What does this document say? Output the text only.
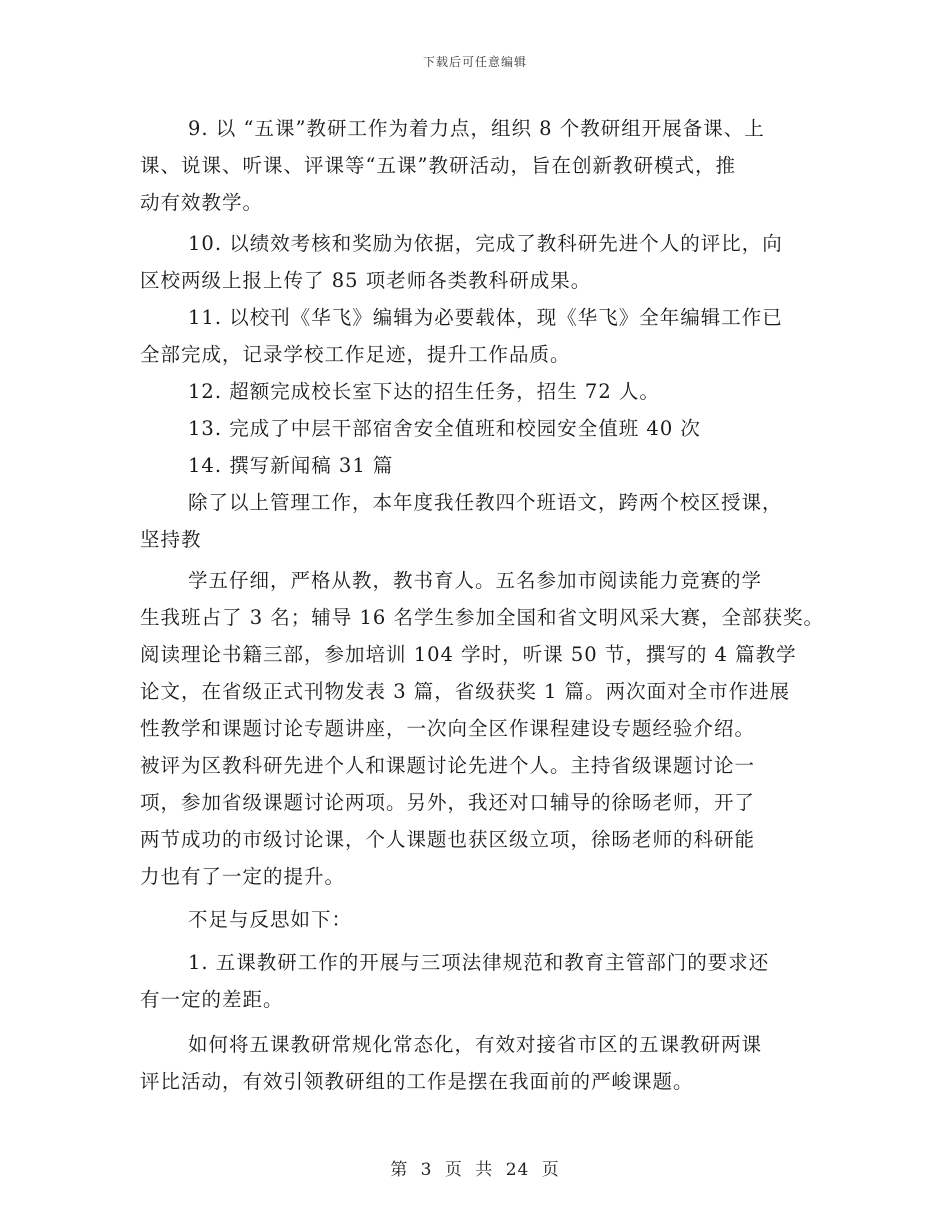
下载后可任意编辑
9. 以 “五课”教研工作为着力点，组织 8 个教研组开展备课、上
课、说课、听课、评课等“五课”教研活动，旨在创新教研模式，推
动有效教学。
10. 以绩效考核和奖励为依据，完成了教科研先进个人的评比，向
区校两级上报上传了 85 项老师各类教科研成果。
11. 以校刊《华飞》编辑为必要载体，现《华飞》全年编辑工作已
全部完成，记录学校工作足迹，提升工作品质。
12. 超额完成校长室下达的招生任务，招生 72 人。
13. 完成了中层干部宿舍安全值班和校园安全值班 40 次
14. 撰写新闻稿 31 篇
除了以上管理工作，本年度我任教四个班语文，跨两个校区授课，
坚持教
学五仔细，严格从教，教书育人。五名参加市阅读能力竞赛的学
生我班占了 3 名；辅导 16 名学生参加全国和省文明风采大赛，全部获奖。
阅读理论书籍三部，参加培训 104 学时，听课 50 节，撰写的 4 篇教学
论文，在省级正式刊物发表 3 篇，省级获奖 1 篇。两次面对全市作进展
性教学和课题讨论专题讲座，一次向全区作课程建设专题经验介绍。
被评为区教科研先进个人和课题讨论先进个人。主持省级课题讨论一
项，参加省级课题讨论两项。另外，我还对口辅导的徐旸老师，开了
两节成功的市级讨论课，个人课题也获区级立项，徐旸老师的科研能
力也有了一定的提升。
不足与反思如下：
1. 五课教研工作的开展与三项法律规范和教育主管部门的要求还
有一定的差距。
如何将五课教研常规化常态化，有效对接省市区的五课教研两课
评比活动，有效引领教研组的工作是摆在我面前的严峻课题。
第 3 页 共 24 页
